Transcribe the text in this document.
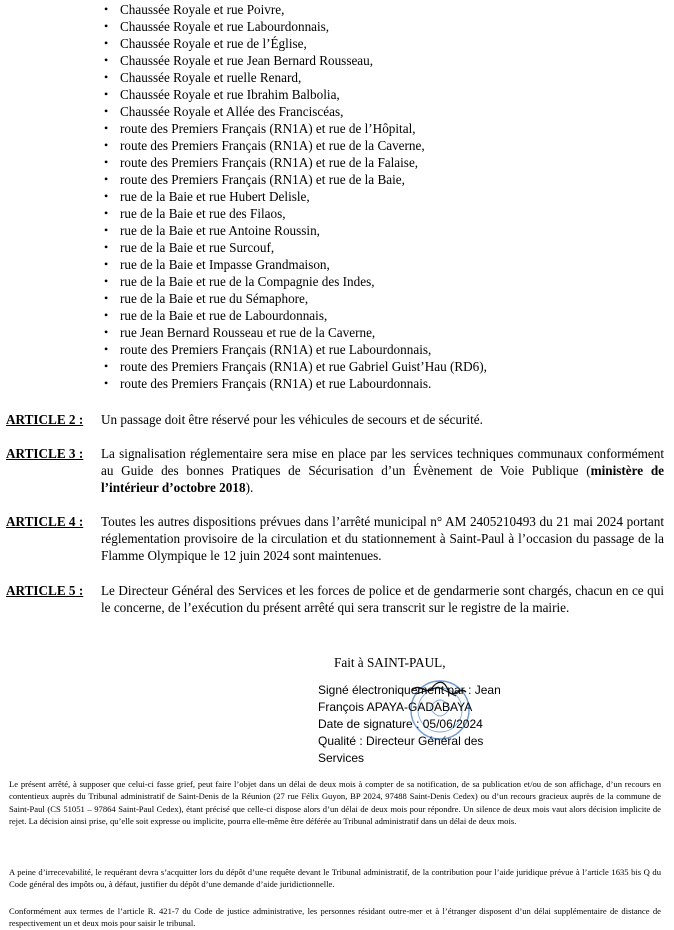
• Chaussée Royale et rue Poivre,
• Chaussée Royale et rue Labourdonnais,
• Chaussée Royale et rue de l’Église,
• Chaussée Royale et rue Jean Bernard Rousseau,
• Chaussée Royale et ruelle Renard,
• Chaussée Royale et rue Ibrahim Balbolia,
• Chaussée Royale et Allée des Franciscéas,
• route des Premiers Français (RN1A) et rue de l’Hôpital,
• route des Premiers Français (RN1A) et rue de la Caverne,
• route des Premiers Français (RN1A) et rue de la Falaise,
• route des Premiers Français (RN1A) et rue de la Baie,
• rue de la Baie et rue Hubert Delisle,
• rue de la Baie et rue des Filaos,
• rue de la Baie et rue Antoine Roussin,
• rue de la Baie et rue Surcouf,
• rue de la Baie et Impasse Grandmaison,
• rue de la Baie et rue de la Compagnie des Indes,
• rue de la Baie et rue du Sémaphore,
• rue de la Baie et rue de Labourdonnais,
• rue Jean Bernard Rousseau et rue de la Caverne,
• route des Premiers Français (RN1A) et rue Labourdonnais,
• route des Premiers Français (RN1A) et rue Gabriel Guist’Hau (RD6),
• route des Premiers Français (RN1A) et rue Labourdonnais.
ARTICLE 2 : Un passage doit être réservé pour les véhicules de secours et de sécurité.
ARTICLE 3 : La signalisation réglementaire sera mise en place par les services techniques communaux conformément au Guide des bonnes Pratiques de Sécurisation d’un Évènement de Voie Publique (ministère de l’intérieur d’octobre 2018).
ARTICLE 4 : Toutes les autres dispositions prévues dans l’arrêté municipal n° AM 2405210493 du 21 mai 2024 portant réglementation provisoire de la circulation et du stationnement à Saint-Paul à l’occasion du passage de la Flamme Olympique le 12 juin 2024 sont maintenues.
ARTICLE 5 : Le Directeur Général des Services et les forces de police et de gendarmerie sont chargés, chacun en ce qui le concerne, de l’exécution du présent arrêté qui sera transcrit sur le registre de la mairie.
Fait à SAINT-PAUL,
Signé électroniquement par : Jean
François APAYA-GADABAYA
Date de signature : 05/06/2024
Qualité : Directeur Général des
Services
Le présent arrêté, à supposer que celui-ci fasse grief, peut faire l’objet dans un délai de deux mois à compter de sa notification, de sa publication et/ou de son affichage, d’un recours en contentieux auprès du Tribunal administratif de Saint-Denis de la Réunion (27 rue Félix Guyon, BP 2024, 97488 Saint-Denis Cedex) ou d’un recours gracieux auprès de la commune de Saint-Paul (CS 51051 – 97864 Saint-Paul Cedex), étant précisé que celle-ci dispose alors d’un délai de deux mois pour répondre. Un silence de deux mois vaut alors décision implicite de rejet. La décision ainsi prise, qu’elle soit expresse ou implicite, pourra elle-même être déférée au Tribunal administratif dans un délai de deux mois.
A peine d’irrecevabilité, le requérant devra s’acquitter lors du dépôt d’une requête devant le Tribunal administratif, de la contribution pour l’aide juridique prévue à l’article 1635 bis Q du Code général des impôts ou, à défaut, justifier du dépôt d’une demande d’aide juridictionnelle.
Conformément aux termes de l’article R. 421-7 du Code de justice administrative, les personnes résidant outre-mer et à l’étranger disposent d’un délai supplémentaire de distance de respectivement un et deux mois pour saisir le tribunal.
